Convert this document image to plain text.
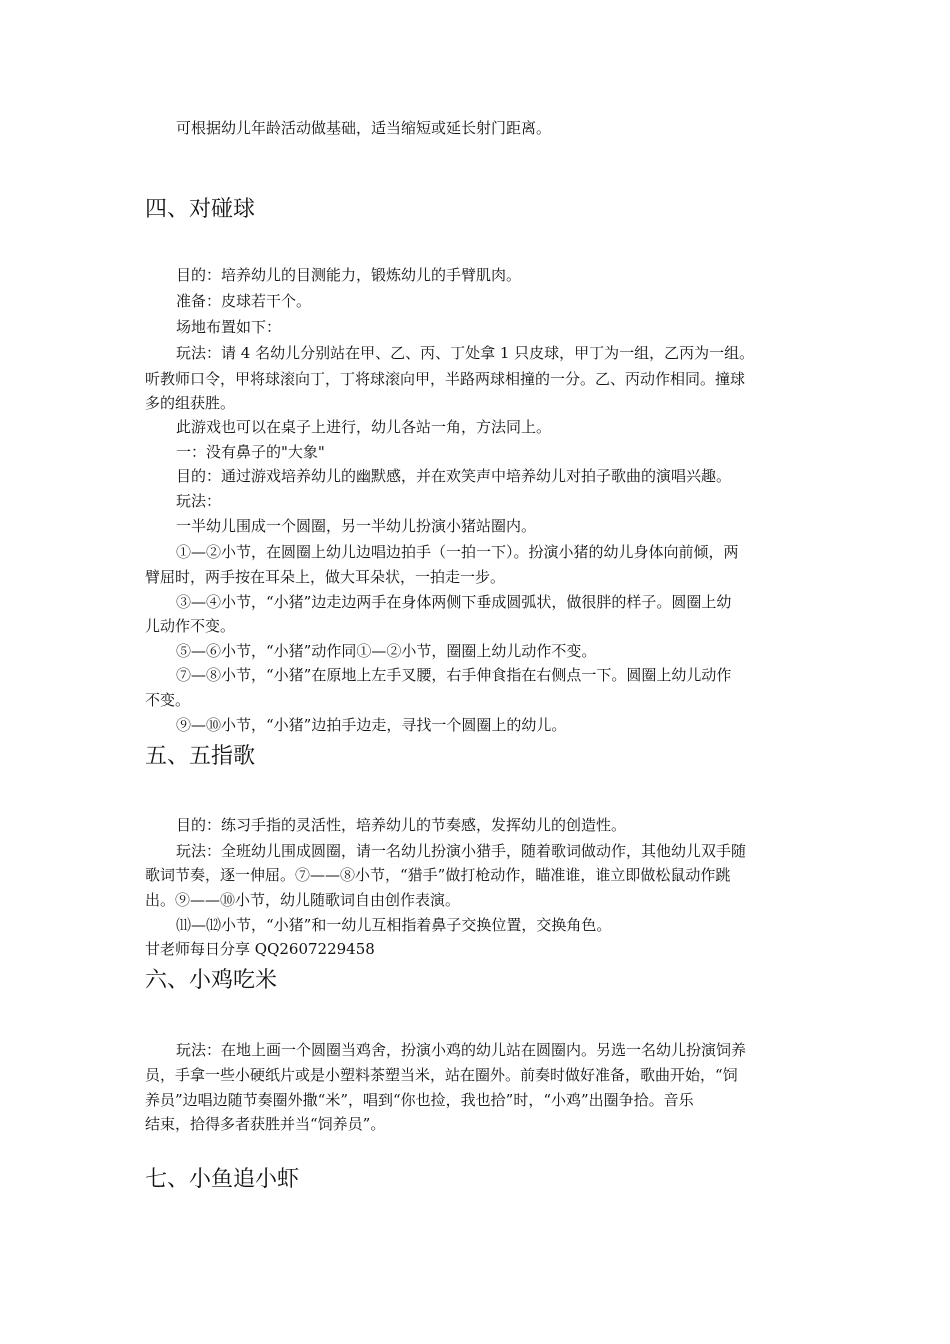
可根据幼儿年龄活动做基础，适当缩短或延长射门距离。
四、对碰球
目的：培养幼儿的目测能力，锻炼幼儿的手臂肌肉。
准备：皮球若干个。
场地布置如下：
玩法：请 4 名幼儿分别站在甲、乙、丙、丁处拿 1 只皮球，甲丁为一组，乙丙为一组。
听教师口令，甲将球滚向丁，丁将球滚向甲，半路两球相撞的一分。乙、丙动作相同。撞球
多的组获胜。
此游戏也可以在桌子上进行，幼儿各站一角，方法同上。
一：没有鼻子的"大象"
目的：通过游戏培养幼儿的幽默感，并在欢笑声中培养幼儿对拍子歌曲的演唱兴趣。
玩法：
一半幼儿围成一个圆圈，另一半幼儿扮演小猪站圈内。
①—②小节，在圆圈上幼儿边唱边拍手（一拍一下）。扮演小猪的幼儿身体向前倾，两
臂屈时，两手按在耳朵上，做大耳朵状，一拍走一步。
③—④小节，“小猪”边走边两手在身体两侧下垂成圆弧状，做很胖的样子。圆圈上幼
儿动作不变。
⑤—⑥小节，“小猪”动作同①—②小节，圈圈上幼儿动作不变。
⑦—⑧小节，“小猪”在原地上左手叉腰，右手伸食指在右侧点一下。圆圈上幼儿动作
不变。
⑨—⑩小节，“小猪”边拍手边走，寻找一个圆圈上的幼儿。
五、五指歌
目的：练习手指的灵活性，培养幼儿的节奏感，发挥幼儿的创造性。
玩法：全班幼儿围成圆圈，请一名幼儿扮演小猎手，随着歌词做动作，其他幼儿双手随
歌词节奏，逐一伸屈。⑦——⑧小节，“猎手”做打枪动作，瞄准谁，谁立即做松鼠动作跳
出。⑨——⑩小节，幼儿随歌词自由创作表演。
⑾—⑿小节，“小猪”和一幼儿互相指着鼻子交换位置，交换角色。
甘老师每日分享 QQ2607229458
六、小鸡吃米
玩法：在地上画一个圆圈当鸡舍，扮演小鸡的幼儿站在圆圈内。另选一名幼儿扮演饲养
员，手拿一些小硬纸片或是小塑料茶塑当米，站在圈外。前奏时做好准备，歌曲开始，“饲
养员”边唱边随节奏圈外撒“米”，唱到“你也捡，我也拾”时，“小鸡”出圈争拾。音乐
结束，拾得多者获胜并当“饲养员”。
七、小鱼追小虾
